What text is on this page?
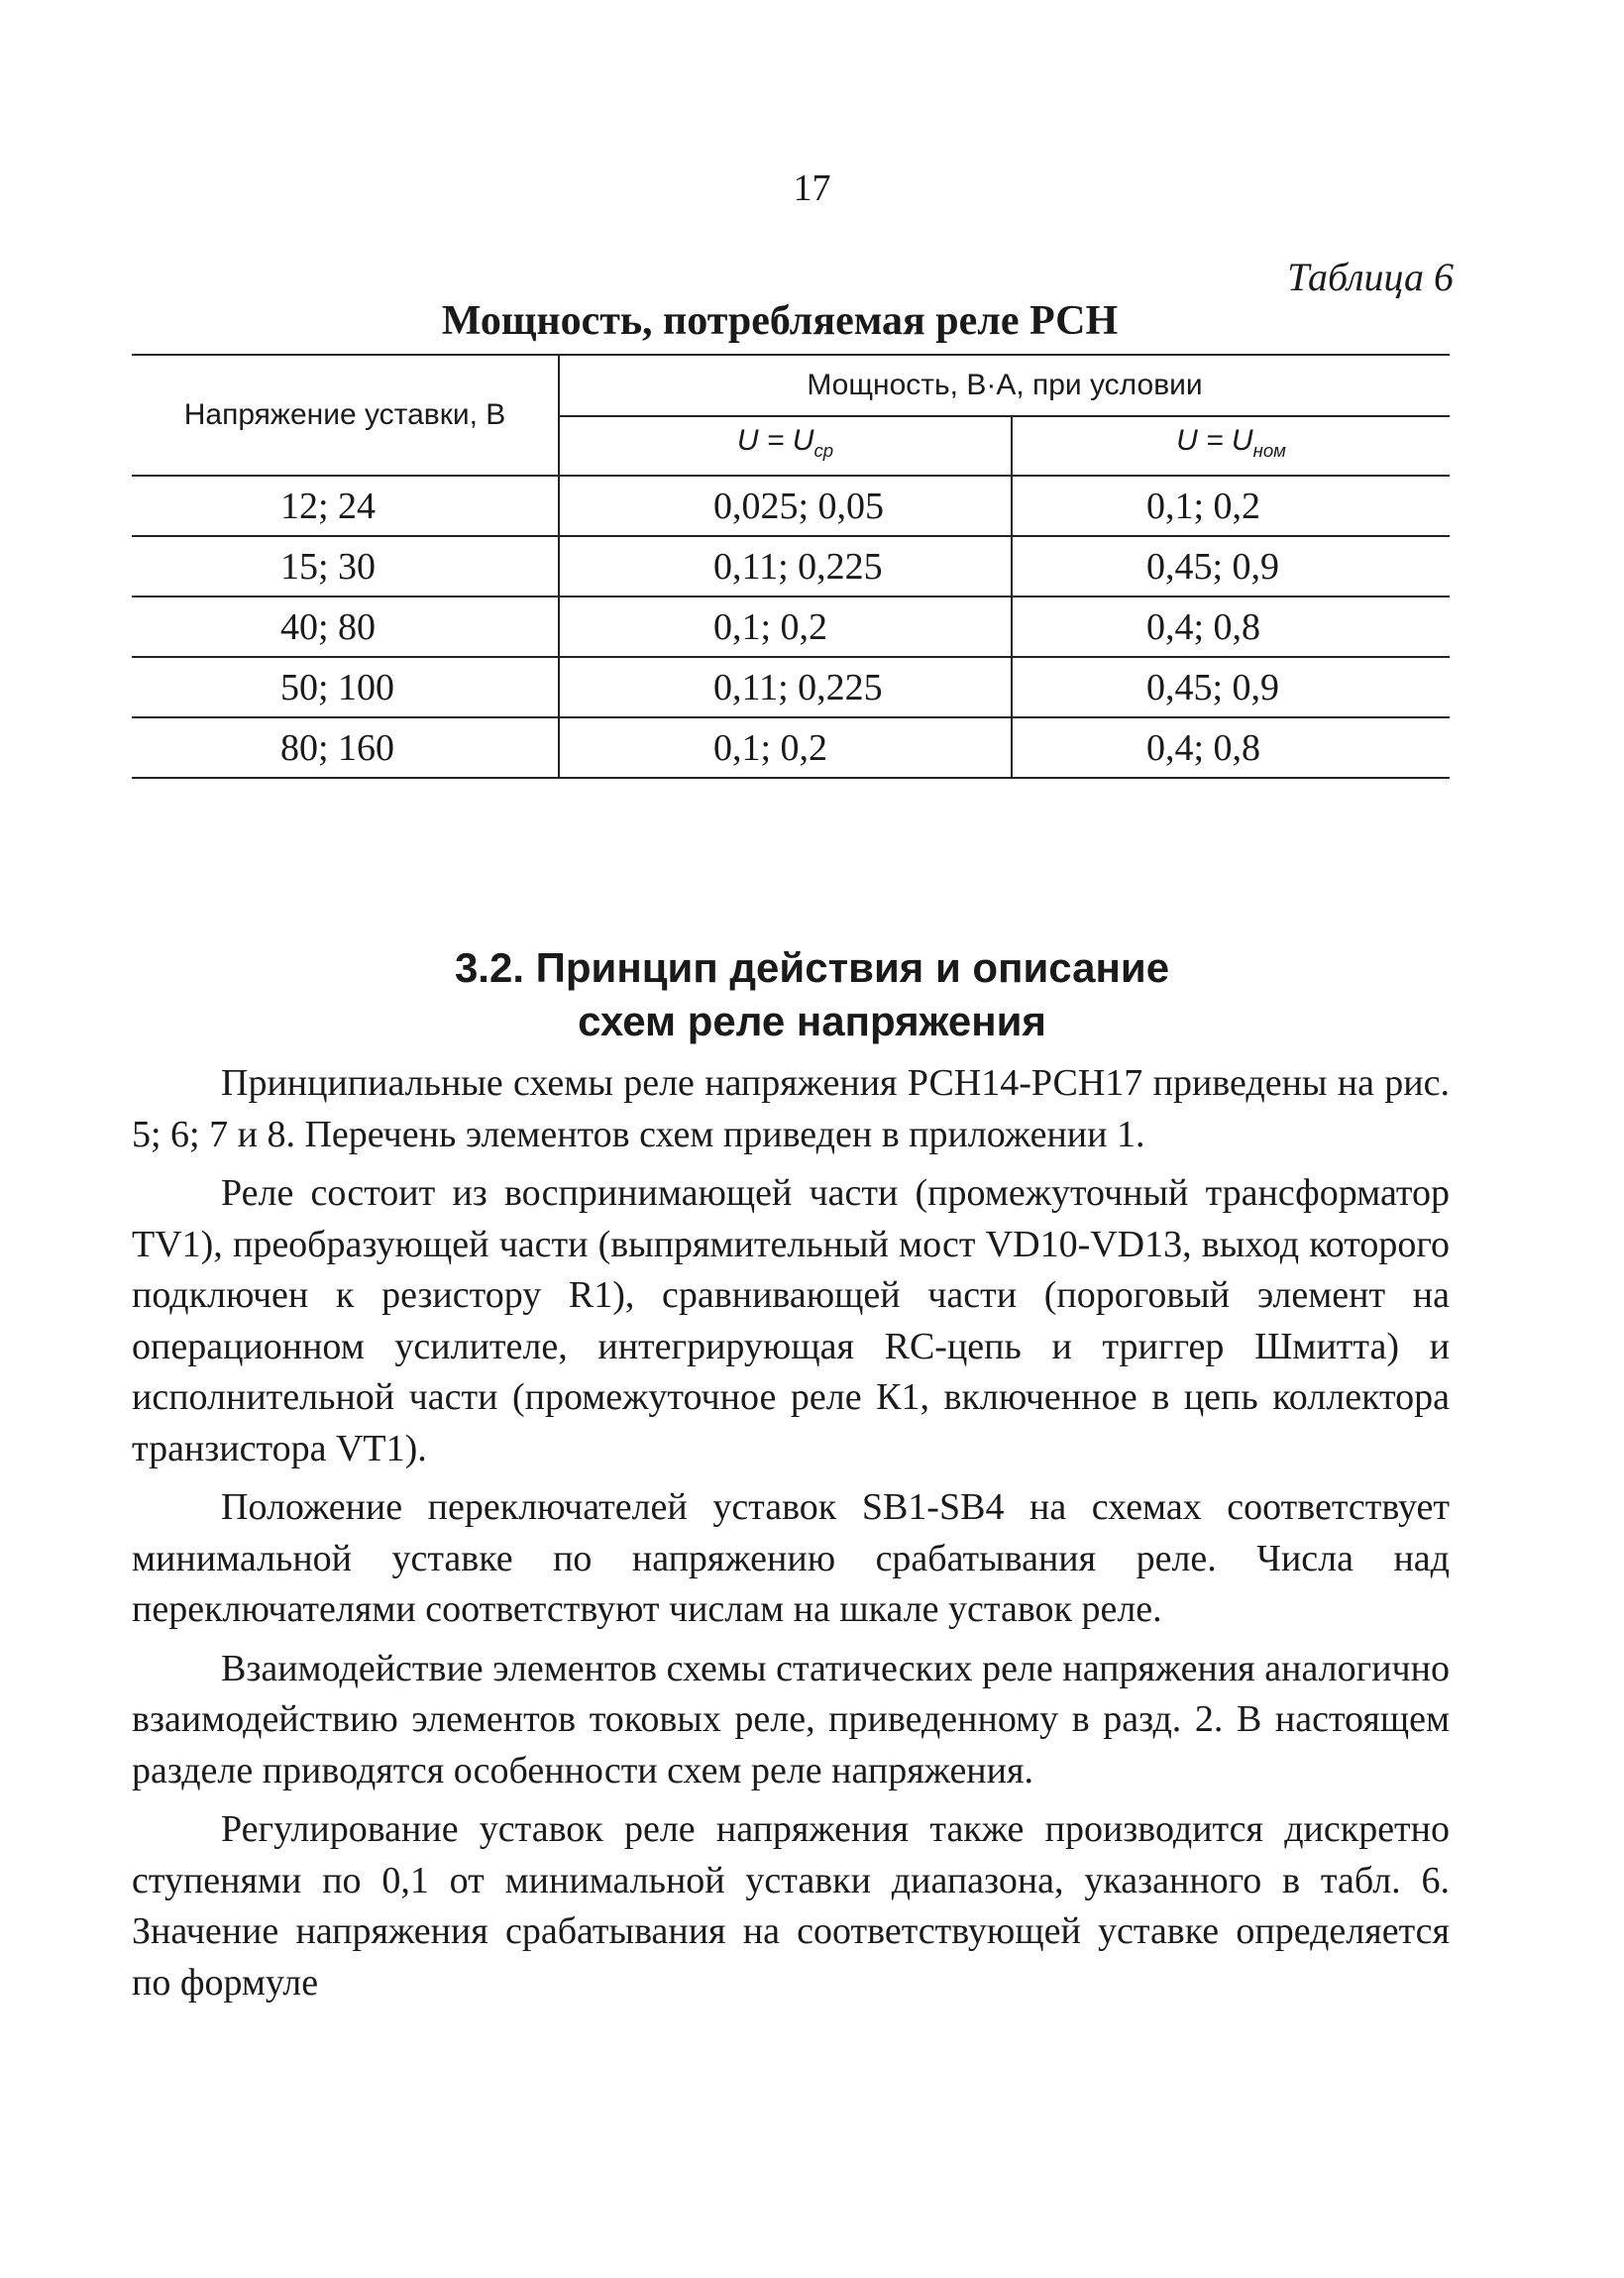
17
Таблица 6
Мощность, потребляемая реле РСН
Напряжение уставки, В	Мощность, В·А, при условии	
	$U = U_{ср}$	$U = U_{ном}$
12; 24	0,025; 0,05	0,1; 0,2
15; 30	0,11; 0,225	0,45; 0,9
40; 80	0,1; 0,2	0,4; 0,8
50; 100	0,11; 0,225	0,45; 0,9
80; 160	0,1; 0,2	0,4; 0,8
3.2. Принцип действия и описание
схем реле напряжения

Принципиальные схемы реле напряжения РСН14-РСН17 приведены на рис. 5; 6; 7 и 8. Перечень элементов схем приведен в приложении 1.

Реле состоит из воспринимающей части (промежуточный трансформатор TV1), преобразующей части (выпрямительный мост VD10-VD13, выход которого подключен к резистору R1), сравнивающей части (пороговый элемент на операционном усилителе, интегрирующая RC-цепь и триггер Шмитта) и исполнительной части (промежуточное реле К1, включенное в цепь коллектора транзистора VT1).

Положение переключателей уставок SB1-SB4 на схемах соответствует минимальной уставке по напряжению срабатывания реле. Числа над переключателями соответствуют числам на шкале уставок реле.

Взаимодействие элементов схемы статических реле напряжения аналогично взаимодействию элементов токовых реле, приведенному в разд. 2. В настоящем разделе приводятся особенности схем реле напряжения.

Регулирование уставок реле напряжения также производится дискретно ступенями по 0,1 от минимальной уставки диапазона, указанного в табл. 6. Значение напряжения срабатывания на соответствующей уставке определяется по формуле
